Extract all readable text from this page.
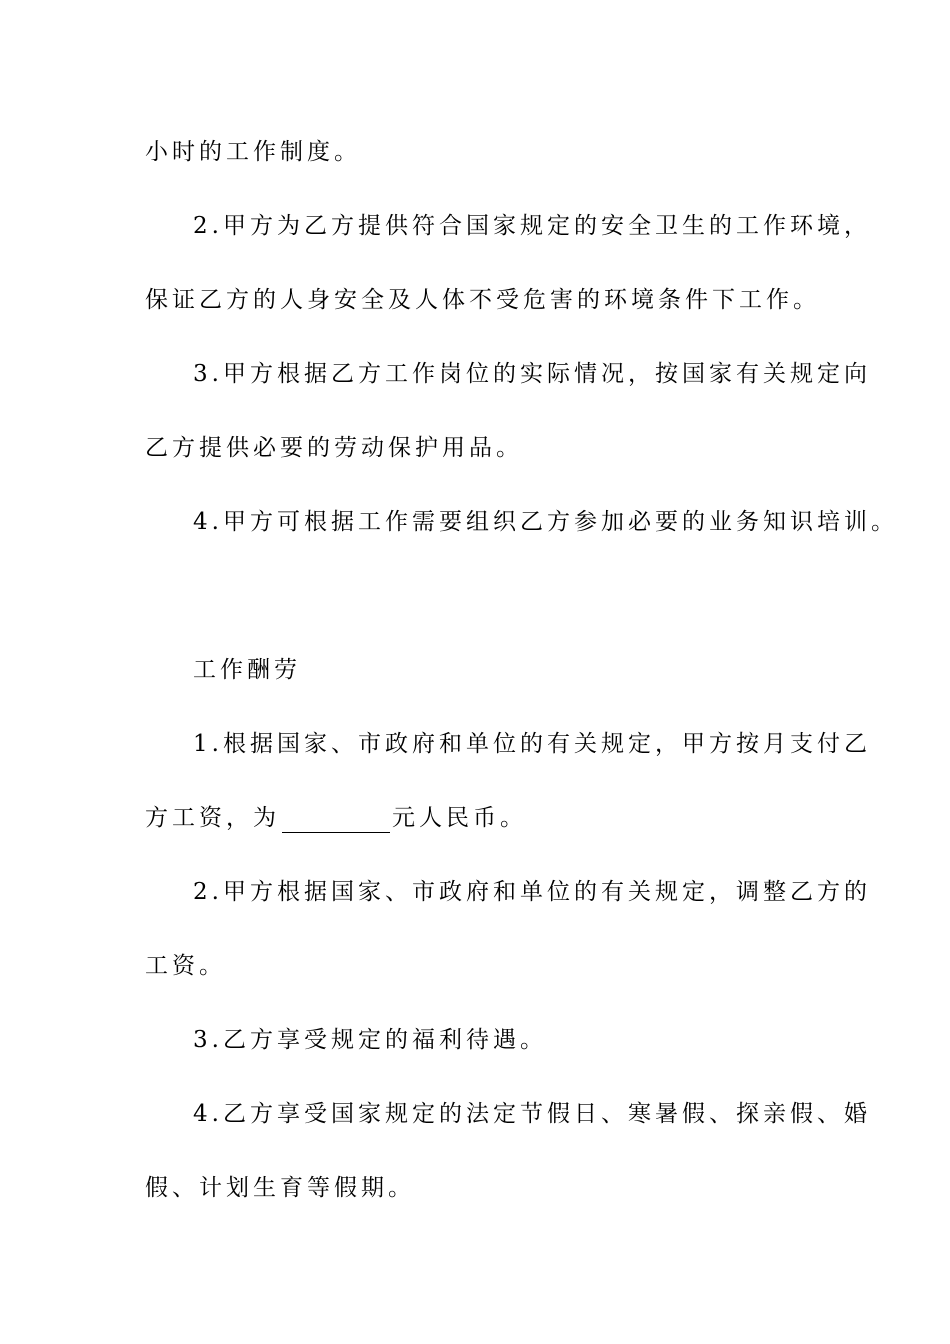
小时的工作制度。
2.甲方为乙方提供符合国家规定的安全卫生的工作环境，
保证乙方的人身安全及人体不受危害的环境条件下工作。
3.甲方根据乙方工作岗位的实际情况，按国家有关规定向
乙方提供必要的劳动保护用品。
4.甲方可根据工作需要组织乙方参加必要的业务知识培训。
工作酬劳
1.根据国家、市政府和单位的有关规定，甲方按月支付乙
方工资，为	元人民币。
2.甲方根据国家、市政府和单位的有关规定，调整乙方的
工资。
3.乙方享受规定的福利待遇。
4.乙方享受国家规定的法定节假日、寒暑假、探亲假、婚
假、计划生育等假期。
